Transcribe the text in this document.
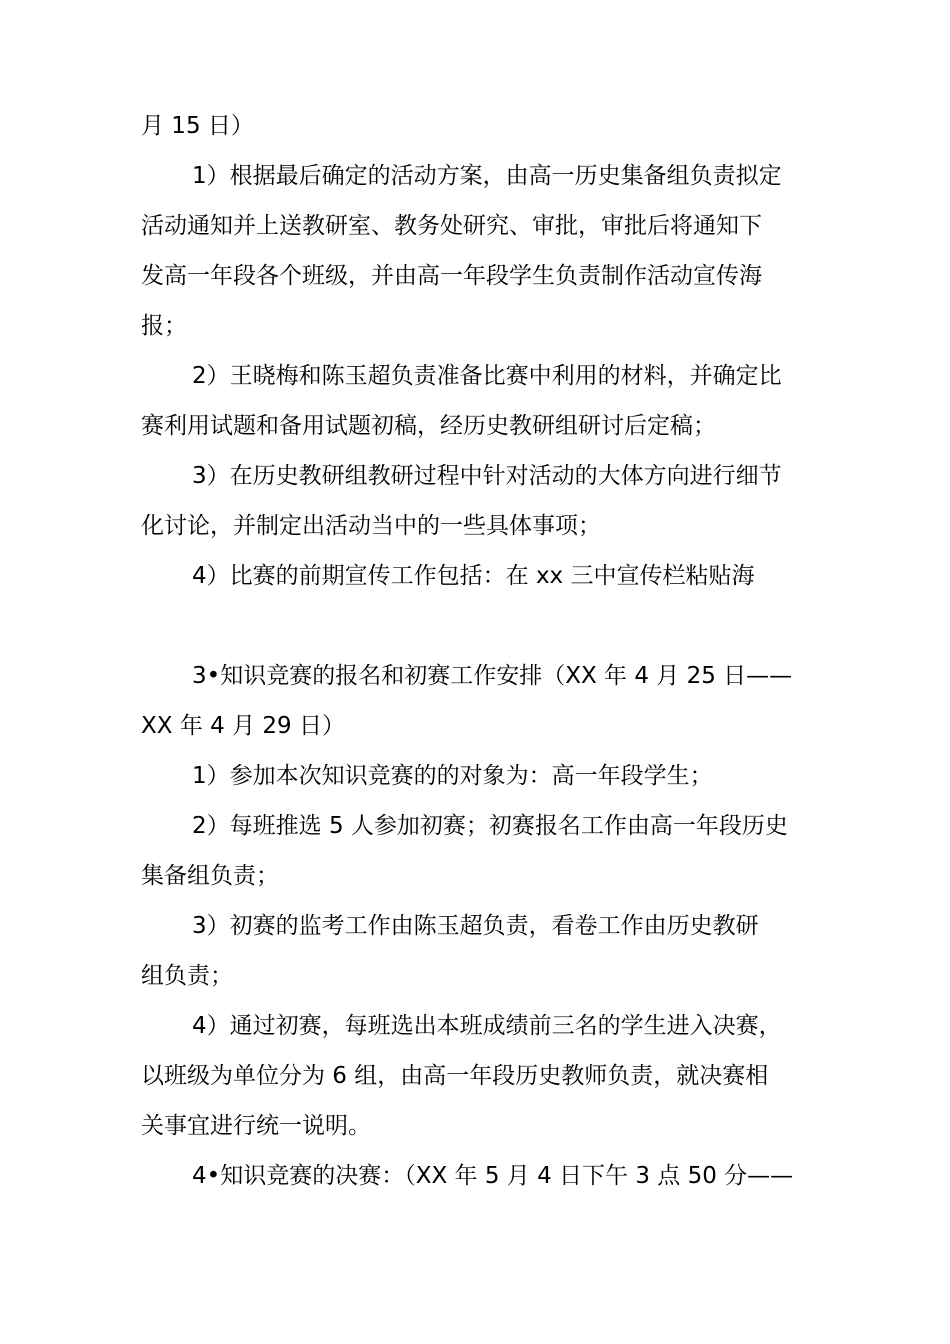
月 15 日）
1）根据最后确定的活动方案，由高一历史集备组负责拟定
活动通知并上送教研室、教务处研究、审批，审批后将通知下
发高一年段各个班级，并由高一年段学生负责制作活动宣传海
报；
2）王晓梅和陈玉超负责准备比赛中利用的材料，并确定比
赛利用试题和备用试题初稿，经历史教研组研讨后定稿；
3）在历史教研组教研过程中针对活动的大体方向进行细节
化讨论，并制定出活动当中的一些具体事项；
4）比赛的前期宣传工作包括：在 xx 三中宣传栏粘贴海
3•知识竞赛的报名和初赛工作安排（XX 年 4 月 25 日——
XX 年 4 月 29 日）
1）参加本次知识竞赛的的对象为：高一年段学生；
2）每班推选 5 人参加初赛；初赛报名工作由高一年段历史
集备组负责；
3）初赛的监考工作由陈玉超负责，看卷工作由历史教研
组负责；
4）通过初赛，每班选出本班成绩前三名的学生进入决赛，
以班级为单位分为 6 组，由高一年段历史教师负责，就决赛相
关事宜进行统一说明。
4•知识竞赛的决赛：（XX 年 5 月 4 日下午 3 点 50 分——
